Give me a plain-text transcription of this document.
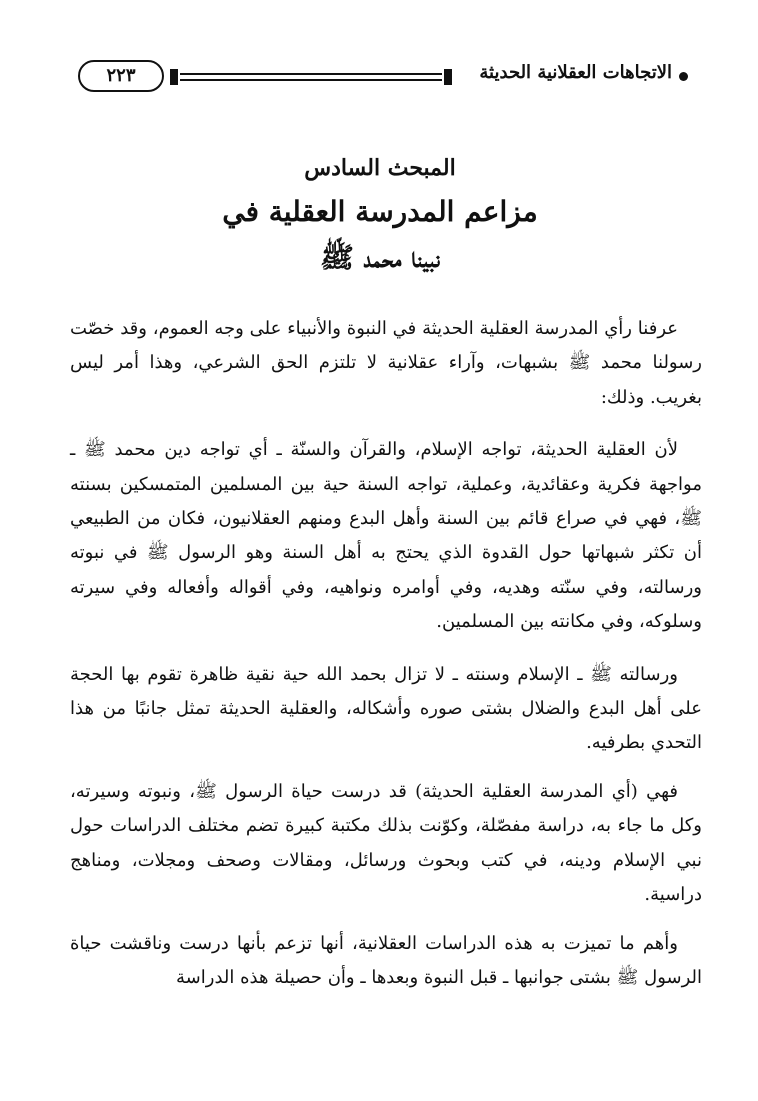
الاتجاهات العقلانية الحديثة
٢٢٣
المبحث السادس
مزاعم المدرسة العقلية في
نبينا محمد ﷺ

عرفنا رأي المدرسة العقلية الحديثة في النبوة والأنبياء على وجه العموم، وقد خصّت رسولنا محمد ﷺ بشبهات، وآراء عقلانية لا تلتزم الحق الشرعي، وهذا أمر ليس بغريب. وذلك:

لأن العقلية الحديثة، تواجه الإسلام، والقرآن والسنّة ـ أي تواجه دين محمد ﷺ ـ مواجهة فكرية وعقائدية، وعملية، تواجه السنة حية بين المسلمين المتمسكين بسنته ﷺ، فهي في صراع قائم بين السنة وأهل البدع ومنهم العقلانيون، فكان من الطبيعي أن تكثر شبهاتها حول القدوة الذي يحتج به أهل السنة وهو الرسول ﷺ في نبوته ورسالته، وفي سنّته وهديه، وفي أوامره ونواهيه، وفي أقواله وأفعاله وفي سيرته وسلوكه، وفي مكانته بين المسلمين.

ورسالته ﷺ ـ الإسلام وسنته ـ لا تزال بحمد الله حية نقية ظاهرة تقوم بها الحجة على أهل البدع والضلال بشتى صوره وأشكاله، والعقلية الحديثة تمثل جانبًا من هذا التحدي بطرفيه.

فهي (أي المدرسة العقلية الحديثة) قد درست حياة الرسول ﷺ، ونبوته وسيرته، وكل ما جاء به، دراسة مفصّلة، وكوّنت بذلك مكتبة كبيرة تضم مختلف الدراسات حول نبي الإسلام ودينه، في كتب وبحوث ورسائل، ومقالات وصحف ومجلات، ومناهج دراسية.

وأهم ما تميزت به هذه الدراسات العقلانية، أنها تزعم بأنها درست وناقشت حياة الرسول ﷺ بشتى جوانبها ـ قبل النبوة وبعدها ـ وأن حصيلة هذه الدراسة
